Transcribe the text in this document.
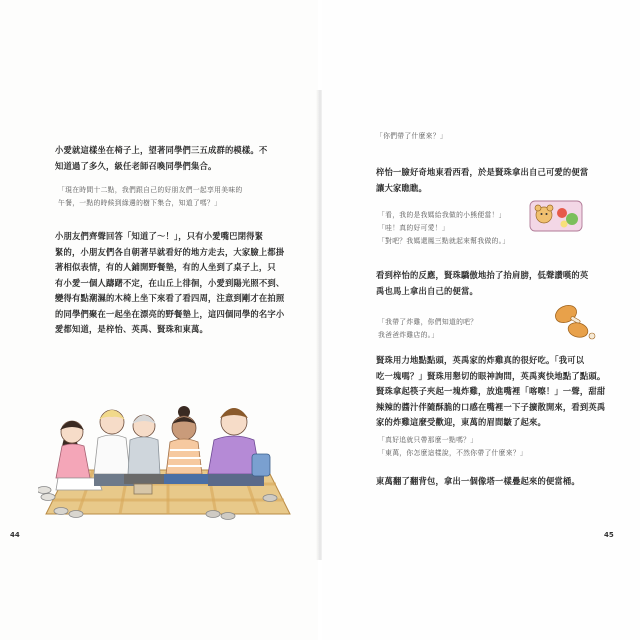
小愛就這樣坐在椅子上，望著同學們三五成群的模樣。不
知道過了多久，級任老師召喚同學們集合。
「現在時間十二點，我們跟自己的好朋友們一起享用美味的
午餐，一點的時候到綠邊的樹下集合，知道了嗎？」
小朋友們齊聲回答「知道了～！」，只有小愛嘴巴閉得緊
緊的，小朋友們各自朝著早就看好的地方走去，大家臉上都掛
著相似表情，有的人鋪開野餐墊，有的人坐到了桌子上，只
有小愛一個人躊躇不定，在山丘上徘徊，小愛到陽光照不到、
變得有點潮濕的木椅上坐下來看了看四周，注意到剛才在拍照
的同學們聚在一起坐在漂亮的野餐墊上，這四個同學的名字小
愛都知道，是梓怡、英禹、賢珠和東萬。
44
「你們帶了什麼來？」
梓怡一臉好奇地東看西看，於是賢珠拿出自己可愛的便當
讓大家瞧瞧。
「看，我的是我媽給我做的小熊便當！」
「哇！真的好可愛！」
「對吧？我媽還鳳三點就起來幫我做的。」
看到梓怡的反應，賢珠驕傲地抬了抬肩膀，低聲讚嘆的英
禹也馬上拿出自己的便當。
「我帶了炸雞，你們知道的吧？
我爸爸炸雞店的。」
賢珠用力地點點頭，英禹家的炸雞真的很好吃。「我可以
吃一塊嗎？」賢珠用懇切的眼神詢問，英禹爽快地點了點頭。
賢珠拿起筷子夾起一塊炸雞，放進嘴裡「喀嚓！」一聲，甜甜
辣辣的醬汁伴隨酥脆的口感在嘴裡一下子擴散開來，看到英禹
家的炸雞這麼受歡迎，東萬的眉間皺了起來。
「真好追就只帶那麼一點嗎？」
「東萬，你怎麼這樣說，不然你帶了什麼來？」
東萬翻了翻背包，拿出一個像塔一樣疊起來的便當桶。
45
